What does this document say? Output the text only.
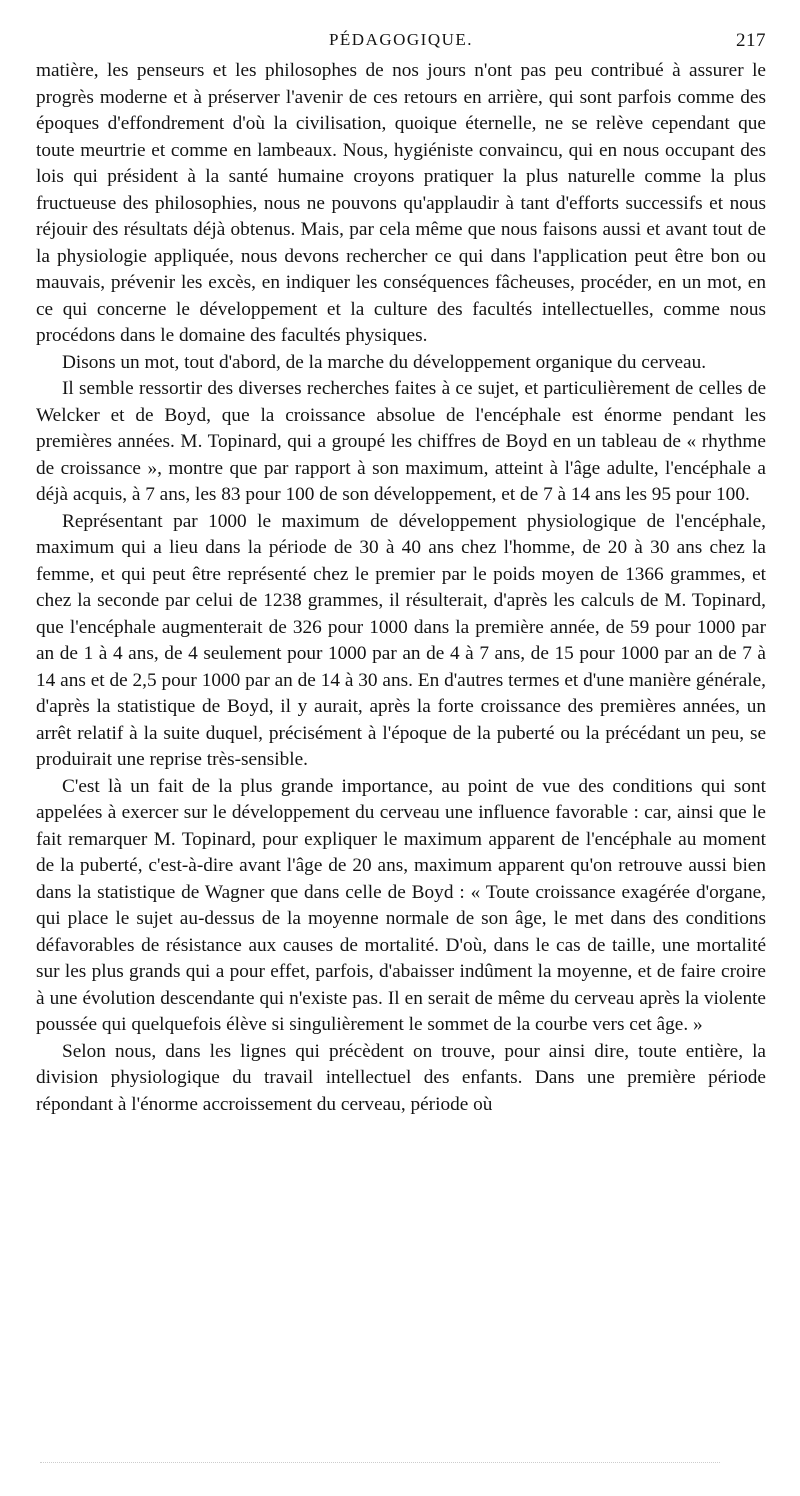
PÉDAGOGIQUE.	217

matière, les penseurs et les philosophes de nos jours n'ont pas peu contribué à assurer le progrès moderne et à préserver l'avenir de ces retours en arrière, qui sont parfois comme des époques d'effondrement d'où la civilisation, quoique éternelle, ne se relève cependant que toute meurtrie et comme en lambeaux. Nous, hygiéniste convaincu, qui en nous occupant des lois qui président à la santé humaine croyons pratiquer la plus naturelle comme la plus fructueuse des philosophies, nous ne pouvons qu'applaudir à tant d'efforts successifs et nous réjouir des résultats déjà obtenus. Mais, par cela même que nous faisons aussi et avant tout de la physiologie appliquée, nous devons rechercher ce qui dans l'application peut être bon ou mauvais, prévenir les excès, en indiquer les conséquences fâcheuses, procéder, en un mot, en ce qui concerne le développement et la culture des facultés intellectuelles, comme nous procédons dans le domaine des facultés physiques.

Disons un mot, tout d'abord, de la marche du développement organique du cerveau.

Il semble ressortir des diverses recherches faites à ce sujet, et particulièrement de celles de Welcker et de Boyd, que la croissance absolue de l'encéphale est énorme pendant les premières années. M. Topinard, qui a groupé les chiffres de Boyd en un tableau de « rhythme de croissance », montre que par rapport à son maximum, atteint à l'âge adulte, l'encéphale a déjà acquis, à 7 ans, les 83 pour 100 de son développement, et de 7 à 14 ans les 95 pour 100.

Représentant par 1000 le maximum de développement physiologique de l'encéphale, maximum qui a lieu dans la période de 30 à 40 ans chez l'homme, de 20 à 30 ans chez la femme, et qui peut être représenté chez le premier par le poids moyen de 1366 grammes, et chez la seconde par celui de 1238 grammes, il résulterait, d'après les calculs de M. Topinard, que l'encéphale augmenterait de 326 pour 1000 dans la première année, de 59 pour 1000 par an de 1 à 4 ans, de 4 seulement pour 1000 par an de 4 à 7 ans, de 15 pour 1000 par an de 7 à 14 ans et de 2,5 pour 1000 par an de 14 à 30 ans. En d'autres termes et d'une manière générale, d'après la statistique de Boyd, il y aurait, après la forte croissance des premières années, un arrêt relatif à la suite duquel, précisément à l'époque de la puberté ou la précédant un peu, se produirait une reprise très-sensible.

C'est là un fait de la plus grande importance, au point de vue des conditions qui sont appelées à exercer sur le développement du cerveau une influence favorable : car, ainsi que le fait remarquer M. Topinard, pour expliquer le maximum apparent de l'encéphale au moment de la puberté, c'est-à-dire avant l'âge de 20 ans, maximum apparent qu'on retrouve aussi bien dans la statistique de Wagner que dans celle de Boyd : « Toute croissance exagérée d'organe, qui place le sujet au-dessus de la moyenne normale de son âge, le met dans des conditions défavorables de résistance aux causes de mortalité. D'où, dans le cas de taille, une mortalité sur les plus grands qui a pour effet, parfois, d'abaisser indûment la moyenne, et de faire croire à une évolution descendante qui n'existe pas. Il en serait de même du cerveau après la violente poussée qui quelquefois élève si singulièrement le sommet de la courbe vers cet âge. »

Selon nous, dans les lignes qui précèdent on trouve, pour ainsi dire, toute entière, la division physiologique du travail intellectuel des enfants. Dans une première période répondant à l'énorme accroissement du cerveau, période où
